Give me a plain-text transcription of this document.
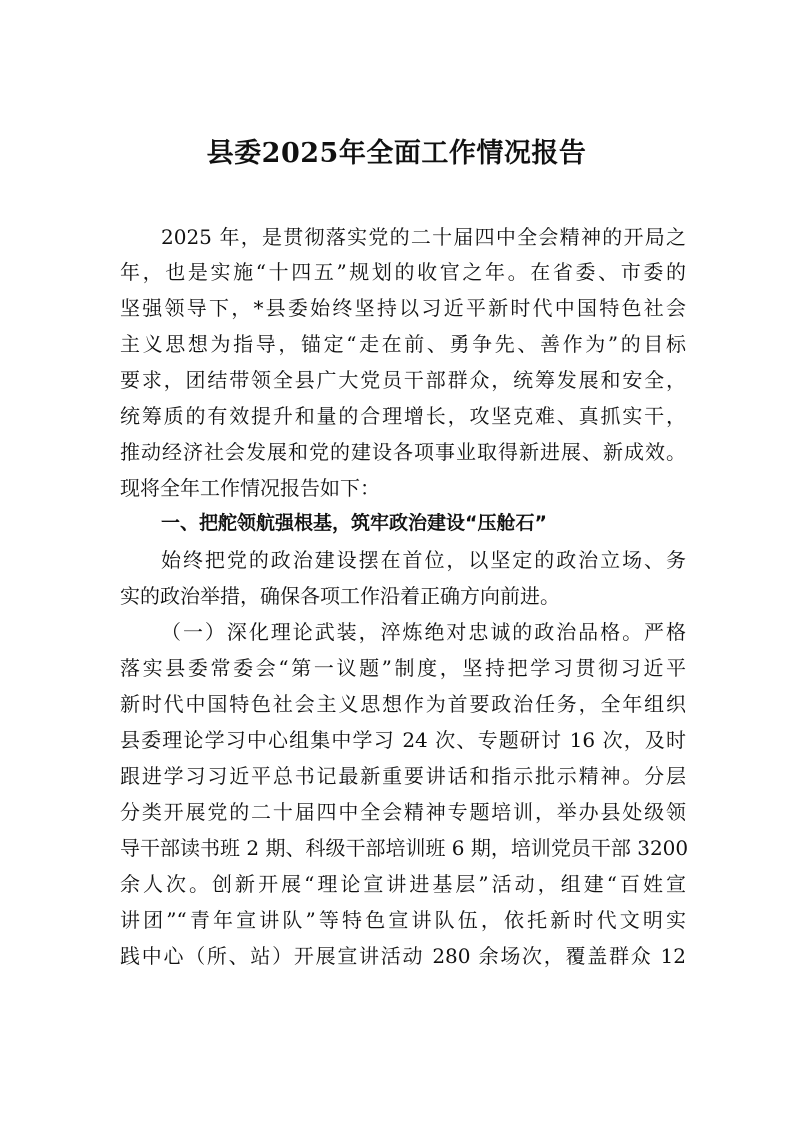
县委2025年全面工作情况报告

2025 年，是贯彻落实党的二十届四中全会精神的开局之

年，也是实施“十四五”规划的收官之年。在省委、市委的

坚强领导下，*县委始终坚持以习近平新时代中国特色社会

主义思想为指导，锚定“走在前、勇争先、善作为”的目标

要求，团结带领全县广大党员干部群众，统筹发展和安全，

统筹质的有效提升和量的合理增长，攻坚克难、真抓实干，

推动经济社会发展和党的建设各项事业取得新进展、新成效。

现将全年工作情况报告如下：

一、把舵领航强根基，筑牢政治建设“压舱石”

始终把党的政治建设摆在首位，以坚定的政治立场、务

实的政治举措，确保各项工作沿着正确方向前进。

（一）深化理论武装，淬炼绝对忠诚的政治品格。严格

落实县委常委会“第一议题”制度，坚持把学习贯彻习近平

新时代中国特色社会主义思想作为首要政治任务，全年组织

县委理论学习中心组集中学习 24 次、专题研讨 16 次，及时

跟进学习习近平总书记最新重要讲话和指示批示精神。分层

分类开展党的二十届四中全会精神专题培训，举办县处级领

导干部读书班 2 期、科级干部培训班 6 期，培训党员干部 3200

余人次。创新开展“理论宣讲进基层”活动，组建“百姓宣

讲团”“青年宣讲队”等特色宣讲队伍，依托新时代文明实

践中心（所、站）开展宣讲活动 280 余场次，覆盖群众 12
